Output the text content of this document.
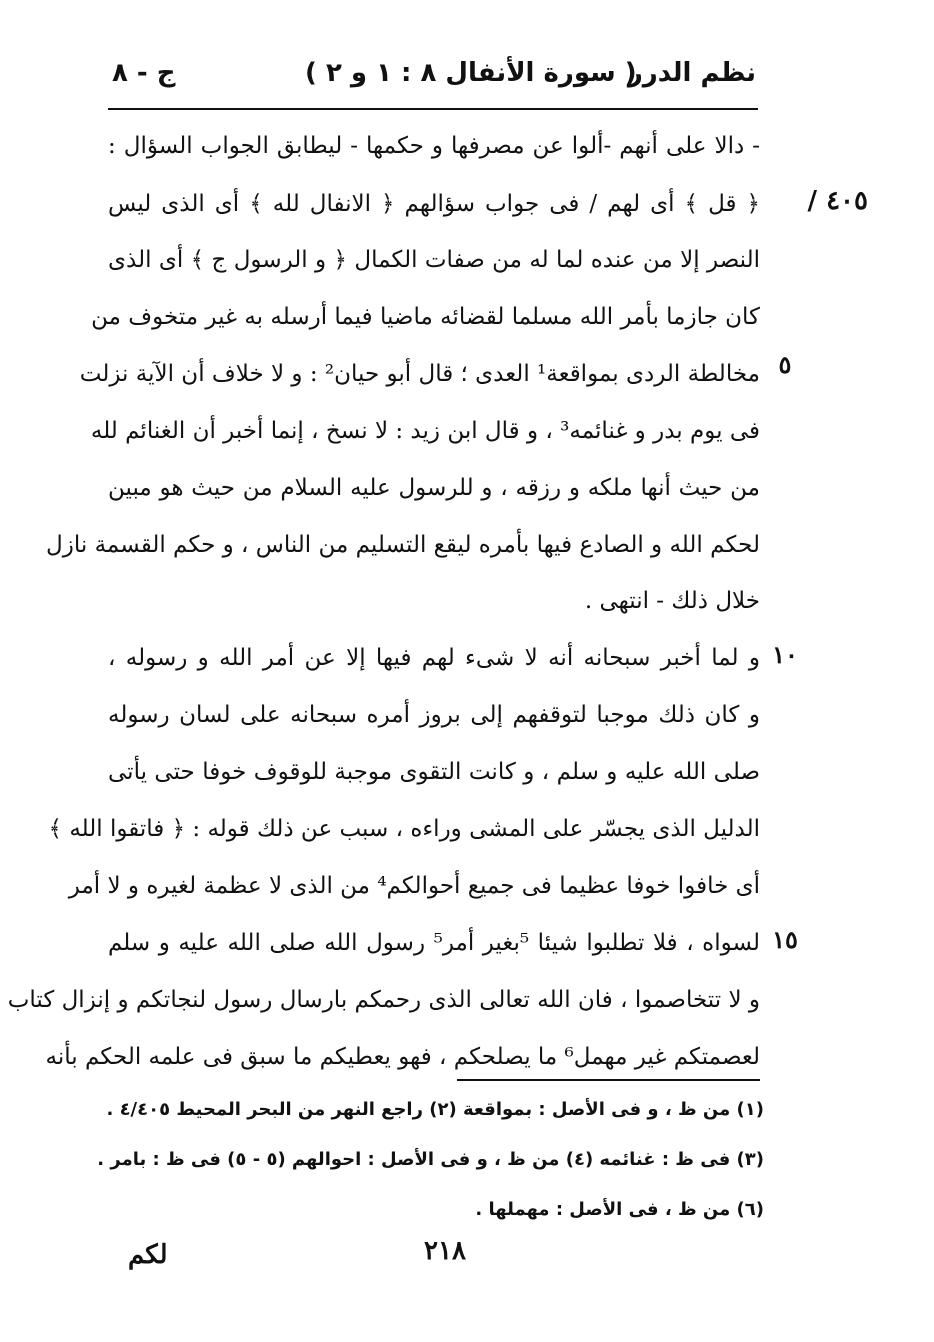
نظم الدرر
( سورة الأنفال ٨ : ١ و ٢ )
ج - ٨
٤٠٥ /
٥
١٠
١٥
- دالا على أنهم -ألوا عن مصرفها و حكمها - ليطابق الجواب السؤال :
﴿ قل ﴾ أى لهم / فى جواب سؤالهم ﴿ الانفال لله ﴾ أى الذى ليس
النصر إلا من عنده لما له من صفات الكمال ﴿ و الرسول ج ﴾ أى الذى
كان جازما بأمر الله مسلما لقضائه ماضيا فيما أرسله به غير متخوف من
مخالطة الردى بمواقعة¹ العدى ؛ قال أبو حيان² : و لا خلاف أن الآية نزلت
فى يوم بدر و غنائمه³ ، و قال ابن زيد : لا نسخ ، إنما أخبر أن الغنائم لله
من حيث أنها ملكه و رزقه ، و للرسول عليه السلام من حيث هو مبين
لحكم الله و الصادع فيها بأمره ليقع التسليم من الناس ، و حكم القسمة نازل
خلال ذلك - انتهى .
و لما أخبر سبحانه أنه لا شىء لهم فيها إلا عن أمر الله و رسوله ،
و كان ذلك موجبا لتوقفهم إلى بروز أمره سبحانه على لسان رسوله
صلى الله عليه و سلم ، و كانت التقوى موجبة للوقوف خوفا حتى يأتى
الدليل الذى يجسّر على المشى وراءه ، سبب عن ذلك قوله : ﴿ فاتقوا الله ﴾
أى خافوا خوفا عظيما فى جميع أحوالكم⁴ من الذى لا عظمة لغيره و لا أمر
لسواه ، فلا تطلبوا شيئا ⁵بغير أمر⁵ رسول الله صلى الله عليه و سلم
و لا تتخاصموا ، فان الله تعالى الذى رحمكم بارسال رسول لنجاتكم و إنزال كتاب
لعصمتكم غير مهمل⁶ ما يصلحكم ، فهو يعطيكم ما سبق فى علمه الحكم بأنه
(١) من ظ ، و فى الأصل : بمواقعة (٢) راجع النهر من البحر المحيط ٤/٤٠٥ .
(٣) فى ظ : غنائمه (٤) من ظ ، و فى الأصل : احوالهم (٥ - ٥) فى ظ : بامر .
(٦) من ظ ، فى الأصل : مهملها .
٢١٨
لكم
